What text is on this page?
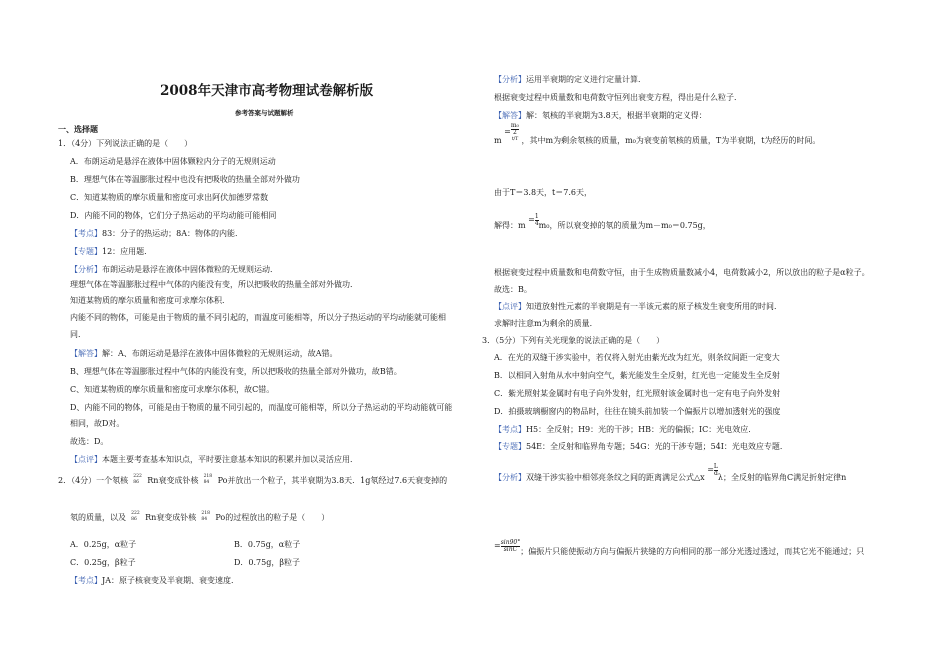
2008年天津市高考物理试卷解析版
参考答案与试题解析
一、选择题
1．（4分）下列说法正确的是（　　）
A．布朗运动是悬浮在液体中固体颗粒内分子的无规则运动
B．理想气体在等温膨胀过程中也没有把吸收的热量全部对外做功
C．知道某物质的摩尔质量和密度可求出阿伏加德罗常数
D．内能不同的物体，它们分子热运动的平均动能可能相同
【考点】83：分子的热运动；8A：物体的内能．
【专题】12：应用题．
【分析】布朗运动是悬浮在液体中固体微粒的无规则运动．
理想气体在等温膨胀过程中气体的内能没有变，所以把吸收的热量全部对外做功．
知道某物质的摩尔质量和密度可求摩尔体积．
内能不同的物体，可能是由于物质的量不同引起的，而温度可能相等，所以分子热运动的平均动能就可能相
同．
【解答】解：A、布朗运动是悬浮在液体中固体微粒的无规则运动，故A错。
B、理想气体在等温膨胀过程中气体的内能没有变，所以把吸收的热量全部对外做功，故B错。
C、知道某物质的摩尔质量和密度可求摩尔体积，故C错。
D、内能不同的物体，可能是由于物质的量不同引起的，而温度可能相等，所以分子热运动的平均动能就可能
相同，故D对。
故选：D。
【点评】本题主要考查基本知识点，平时要注意基本知识的积累并加以灵活应用．
2．（4分）一个氡核 222
86 Rn衰变成钋核 218
84 Po并放出一个粒子，其半衰期为3.8天．1g氡经过7.6天衰变掉的
氡的质量，以及 222
86 Rn衰变成钋核 218
84 Po的过程放出的粒子是（　　）
A．0.25g，α粒子	B．0.75g，α粒子
C．0.25g，β粒子	D．0.75g，β粒子
【考点】JA：原子核衰变及半衰期、衰变速度．
【分析】运用半衰期的定义进行定量计算．
根据衰变过程中质量数和电荷数守恒列出衰变方程，得出是什么粒子．
【解答】解：氡核的半衰期为3.8天，根据半衰期的定义得：
m = m₀
2
t/T ，其中m为剩余氡核的质量，m₀为衰变前氡核的质量，T为半衰期，t为经历的时间。
由于T＝3.8天，t＝7.6天，
解得：$m = \frac{1}{4} m_0$，所以衰变掉的氡的质量为m－m₀＝0.75g，
根据衰变过程中质量数和电荷数守恒，由于生成物质量数减小4，电荷数减小2，所以放出的粒子是α粒子。
故选：B。
【点评】知道放射性元素的半衰期是有一半该元素的原子核发生衰变所用的时间．
求解时注意m为剩余的质量．
3．（5分）下列有关光现象的说法正确的是（　　）
A．在光的双缝干涉实验中，若仅将入射光由紫光改为红光，则条纹间距一定变大
B．以相同入射角从水中射向空气，紫光能发生全反射，红光也一定能发生全反射
C．紫光照射某金属时有电子向外发射，红光照射该金属时也一定有电子向外发射
D．拍摄玻璃橱窗内的物品时，往往在镜头前加装一个偏振片以增加透射光的强度
【考点】H5：全反射；H9：光的干涉；HB：光的偏振；IC：光电效应．
【专题】54E：全反射和临界角专题；54G：光的干涉专题；54I：光电效应专题．
【分析】双缝干涉实验中相邻亮条纹之间的距离满足公式△x = $\frac{L}{d}$
λ；全反射的临界角C满足折射定律n
= $\frac{\sin 90^\circ}{\sin C}$ ；偏振片只能使振动方向与偏振片狭缝的方向相同的那一部分光透过透过，而其它光不能通过；只
